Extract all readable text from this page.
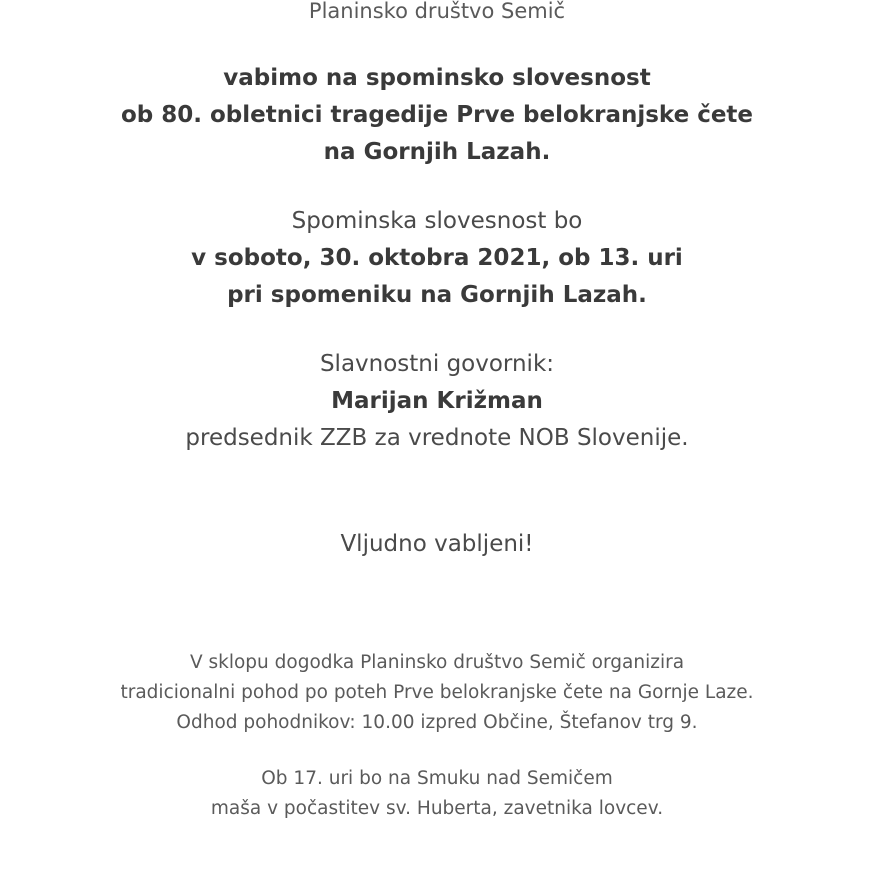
Planinsko društvo Semič
vabimo na spominsko slovesnost
ob 80. obletnici tragedije Prve belokranjske čete
na Gornjih Lazah.
Spominska slovesnost bo
v soboto, 30. oktobra 2021, ob 13. uri
pri spomeniku na Gornjih Lazah.
Slavnostni govornik:
Marijan Križman
predsednik ZZB za vrednote NOB Slovenije.
Vljudno vabljeni!
V sklopu dogodka Planinsko društvo Semič organizira
tradicionalni pohod po poteh Prve belokranjske čete na Gornje Laze.
Odhod pohodnikov: 10.00 izpred Občine, Štefanov trg 9.
Ob 17. uri bo na Smuku nad Semičem
maša v počastitev sv. Huberta, zavetnika lovcev.
